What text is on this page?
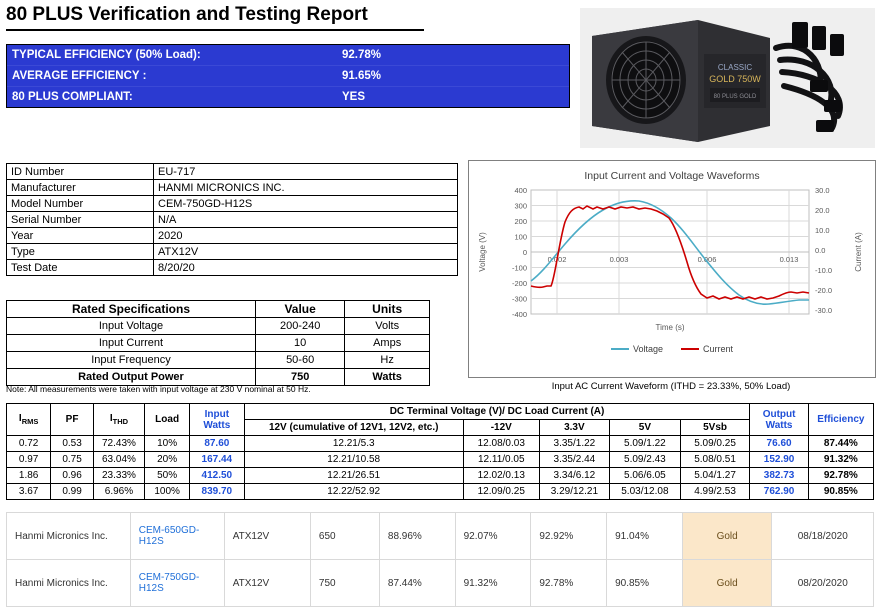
80 PLUS Verification and Testing Report
TYPICAL EFFICIENCY (50% Load):	92.78%
AVERAGE EFFICIENCY :	91.65%
80 PLUS COMPLIANT:	YES
CLASSIC
GOLD 750W
80 PLUS GOLD
ID Number	EU-717
Manufacturer	HANMI MICRONICS INC.
Model Number	CEM-750GD-H12S
Serial Number	N/A
Year	2020
Type	ATX12V
Test Date	8/20/20
Rated Specifications	Value	Units
Input Voltage	200-240	Volts
Input Current	10	Amps
Input Frequency	50-60	Hz
Rated Output Power	750	Watts
Note: All measurements were taken with input voltage at 230 V nominal at 50 Hz.
Input Current and Voltage Waveforms
400
300
200
100
0
-100
-200
-300
-400
30.0
20.0
10.0
0.0
-10.0
-20.0
-30.0
0.002	0.003	0.006	0.013
Time (s)
Voltage (V)	Current (A)
Voltage	Current
Input AC Current Waveform (ITHD = 23.33%, 50% Load)
$I_{RMS}$	PF	$I_{THD}$	Load	Input Watts	DC Terminal Voltage (V)/ DC Load Current (A)					Output Watts	Efficiency
					12V (cumulative of 12V1, 12V2, etc.)	-12V	3.3V	5V	5Vsb		
0.72	0.53	72.43%	10%	87.60	12.21/5.3	12.08/0.03	3.35/1.22	5.09/1.22	5.09/0.25	76.60	87.44%
0.97	0.75	63.04%	20%	167.44	12.21/10.58	12.11/0.05	3.35/2.44	5.09/2.43	5.08/0.51	152.90	91.32%
1.86	0.96	23.33%	50%	412.50	12.21/26.51	12.02/0.13	3.34/6.12	5.06/6.05	5.04/1.27	382.73	92.78%
3.67	0.99	6.96%	100%	839.70	12.22/52.92	12.09/0.25	3.29/12.21	5.03/12.08	4.99/2.53	762.90	90.85%
Hanmi Micronics Inc.	CEM-650GD-H12S	ATX12V	650	88.96%	92.07%	92.92%	91.04%	Gold	08/18/2020
Hanmi Micronics Inc.	CEM-750GD-H12S	ATX12V	750	87.44%	91.32%	92.78%	90.85%	Gold	08/20/2020
